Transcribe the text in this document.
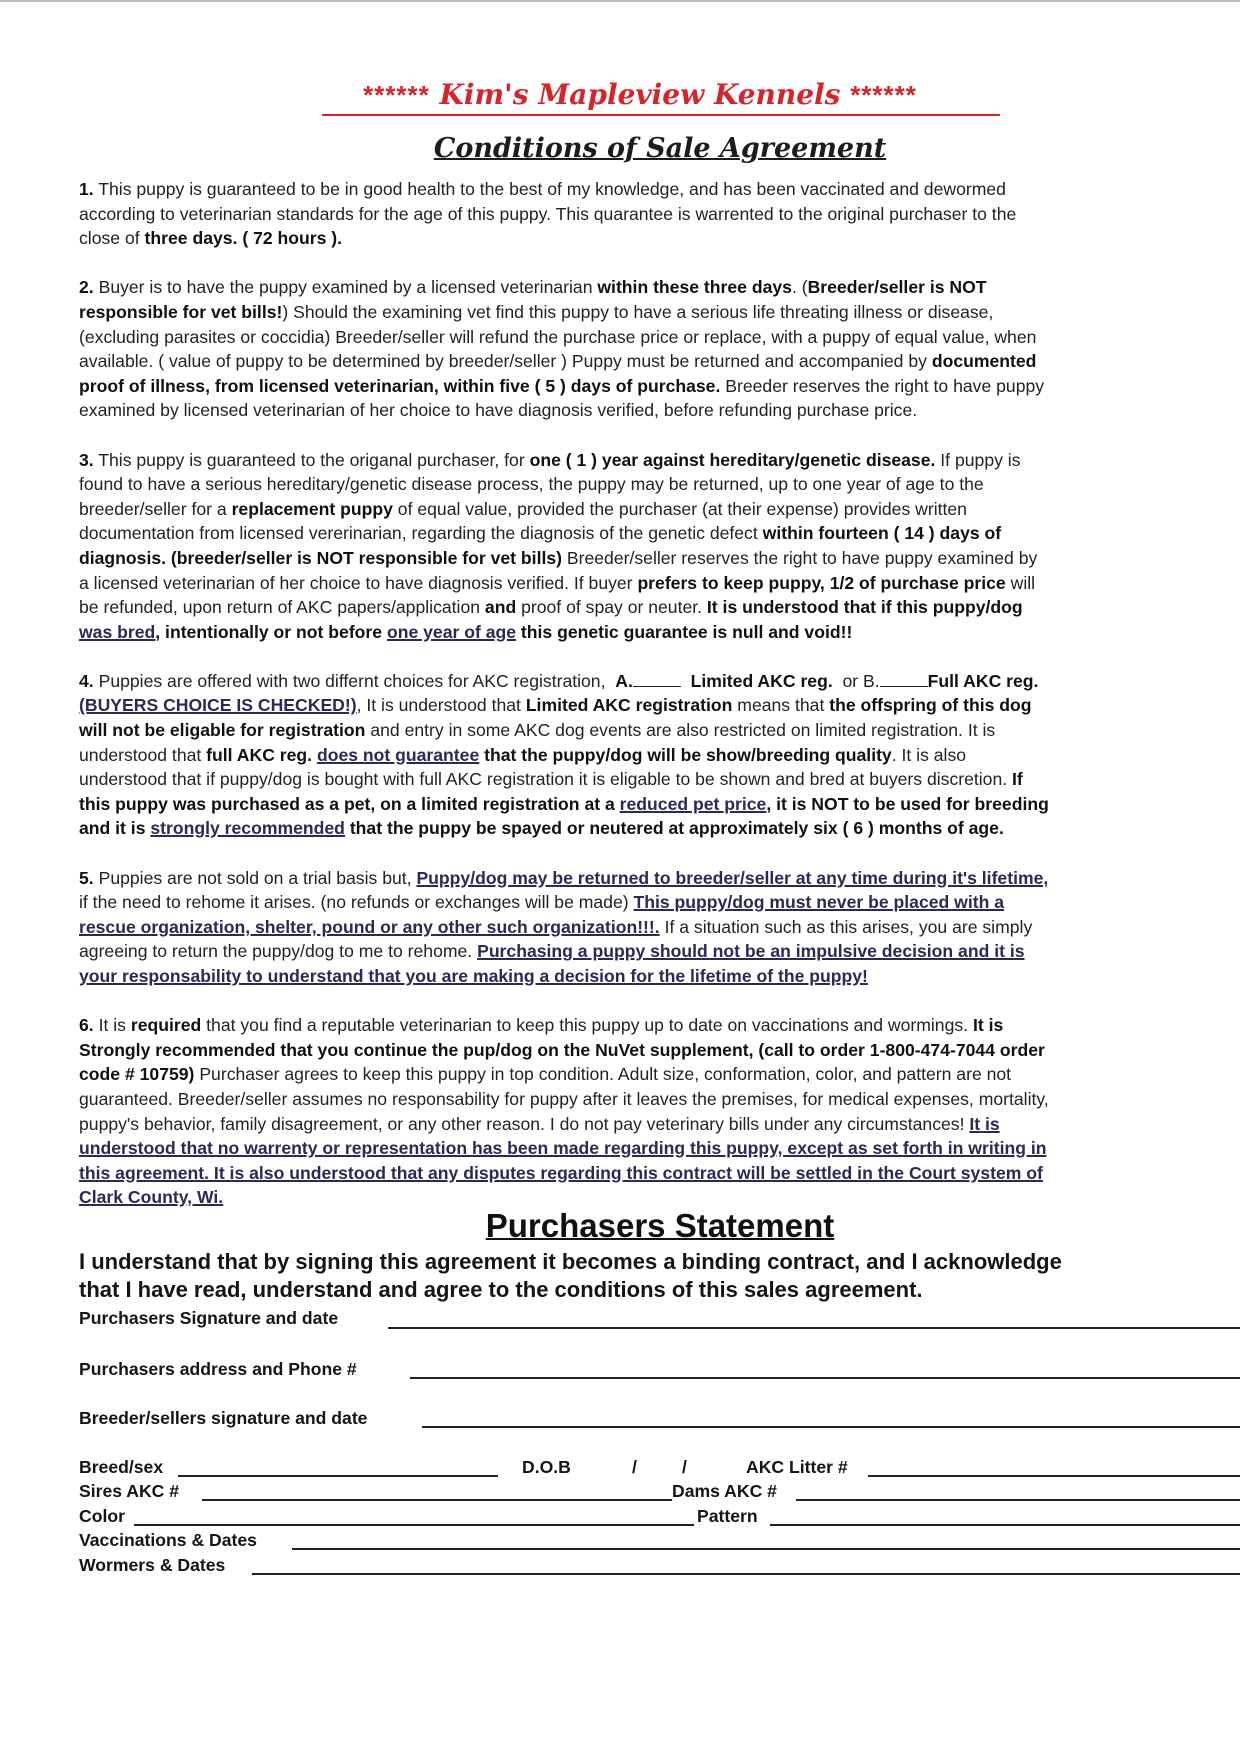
****** Kim's Mapleview Kennels ******
Conditions of Sale Agreement
1. This puppy is guaranteed to be in good health to the best of my knowledge, and has been vaccinated and dewormed
according to veterinarian standards for the age of this puppy. This quarantee is warrented to the original purchaser to the
close of three days. ( 72 hours ).
2. Buyer is to have the puppy examined by a licensed veterinarian within these three days. (Breeder/seller is NOT
responsible for vet bills!) Should the examining vet find this puppy to have a serious life threating illness or disease,
(excluding parasites or coccidia) Breeder/seller will refund the purchase price or replace, with a puppy of equal value, when
available. ( value of puppy to be determined by breeder/seller ) Puppy must be returned and accompanied by documented
proof of illness, from licensed veterinarian, within five ( 5 ) days of purchase. Breeder reserves the right to have puppy
examined by licensed veterinarian of her choice to have diagnosis verified, before refunding purchase price.
3. This puppy is guaranteed to the origanal purchaser, for one ( 1 ) year against hereditary/genetic disease. If puppy is
found to have a serious hereditary/genetic disease process, the puppy may be returned, up to one year of age to the
breeder/seller for a replacement puppy of equal value, provided the purchaser (at their expense) provides written
documentation from licensed vererinarian, regarding the diagnosis of the genetic defect within fourteen ( 14 ) days of
diagnosis. (breeder/seller is NOT responsible for vet bills) Breeder/seller reserves the right to have puppy examined by
a licensed veterinarian of her choice to have diagnosis verified. If buyer prefers to keep puppy, 1/2 of purchase price will
be refunded, upon return of AKC papers/application and proof of spay or neuter. It is understood that if this puppy/dog
was bred, intentionally or not before one year of age this genetic guarantee is null and void!!
4. Puppies are offered with two differnt choices for AKC registration, A.	Limited AKC reg. or B.	Full AKC reg.
(BUYERS CHOICE IS CHECKED!), It is understood that Limited AKC registration means that the offspring of this dog
will not be eligable for registration and entry in some AKC dog events are also restricted on limited registration. It is
understood that full AKC reg. does not guarantee that the puppy/dog will be show/breeding quality. It is also
understood that if puppy/dog is bought with full AKC registration it is eligable to be shown and bred at buyers discretion. If
this puppy was purchased as a pet, on a limited registration at a reduced pet price, it is NOT to be used for breeding
and it is strongly recommended that the puppy be spayed or neutered at approximately six ( 6 ) months of age.
5. Puppies are not sold on a trial basis but, Puppy/dog may be returned to breeder/seller at any time during it's lifetime,
if the need to rehome it arises. (no refunds or exchanges will be made) This puppy/dog must never be placed with a
rescue organization, shelter, pound or any other such organization!!!. If a situation such as this arises, you are simply
agreeing to return the puppy/dog to me to rehome. Purchasing a puppy should not be an impulsive decision and it is
your responsability to understand that you are making a decision for the lifetime of the puppy!
6. It is required that you find a reputable veterinarian to keep this puppy up to date on vaccinations and wormings. It is
Strongly recommended that you continue the pup/dog on the NuVet supplement, (call to order 1-800-474-7044 order
code # 10759) Purchaser agrees to keep this puppy in top condition. Adult size, conformation, color, and pattern are not
guaranteed. Breeder/seller assumes no responsability for puppy after it leaves the premises, for medical expenses, mortality,
puppy's behavior, family disagreement, or any other reason. I do not pay veterinary bills under any circumstances! It is
understood that no warrenty or representation has been made regarding this puppy, except as set forth in writing in
this agreement. It is also understood that any disputes regarding this contract will be settled in the Court system of
Clark County, Wi.
Purchasers Statement
I understand that by signing this agreement it becomes a binding contract, and I acknowledge
that I have read, understand and agree to the conditions of this sales agreement.
Purchasers Signature and date
Purchasers address and Phone #
Breeder/sellers signature and date
Breed/sex	D.O.B	/	/	AKC Litter #
Sires AKC #	Dams AKC #
Color	Pattern
Vaccinations & Dates
Wormers & Dates
